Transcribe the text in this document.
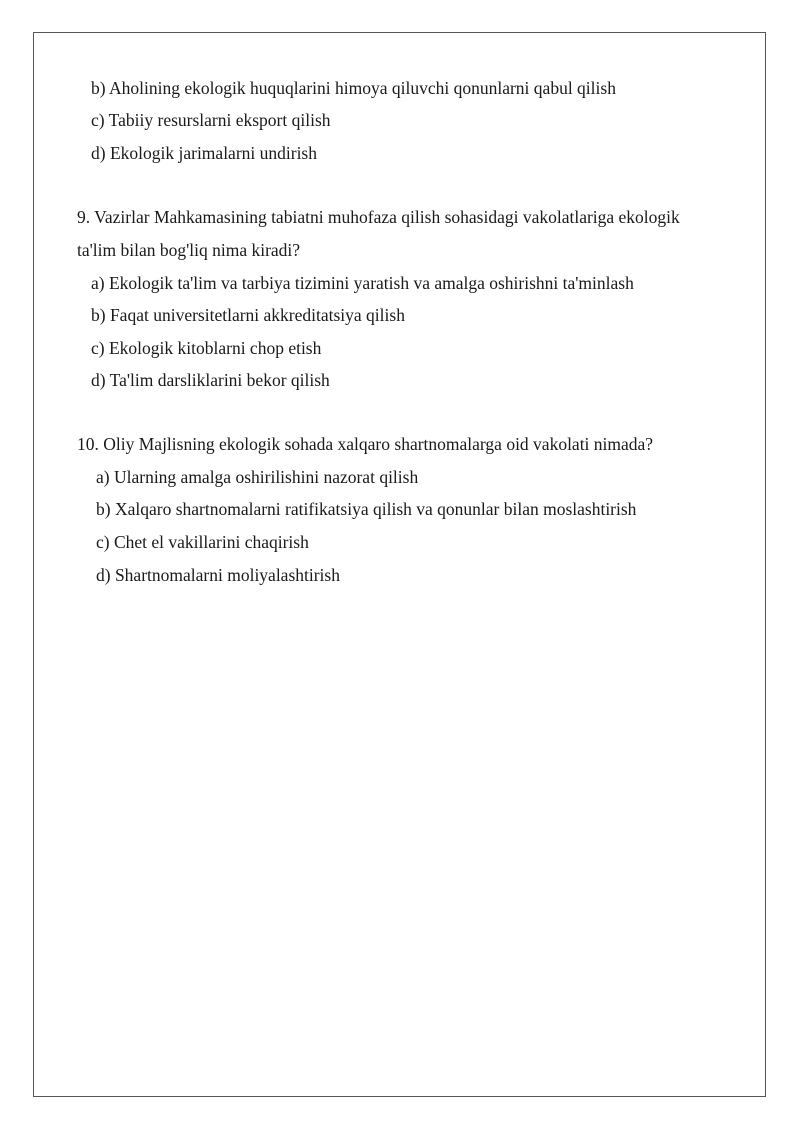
b) Aholining ekologik huquqlarini himoya qiluvchi qonunlarni qabul qilish
c) Tabiiy resurslarni eksport qilish
d) Ekologik jarimalarni undirish
9. Vazirlar Mahkamasining tabiatni muhofaza qilish sohasidagi vakolatlariga ekologik
ta'lim bilan bog'liq nima kiradi?
a) Ekologik ta'lim va tarbiya tizimini yaratish va amalga oshirishni ta'minlash
b) Faqat universitetlarni akkreditatsiya qilish
c) Ekologik kitoblarni chop etish
d) Ta'lim darsliklarini bekor qilish
10. Oliy Majlisning ekologik sohada xalqaro shartnomalarga oid vakolati nimada?
a) Ularning amalga oshirilishini nazorat qilish
b) Xalqaro shartnomalarni ratifikatsiya qilish va qonunlar bilan moslashtirish
c) Chet el vakillarini chaqirish
d) Shartnomalarni moliyalashtirish
